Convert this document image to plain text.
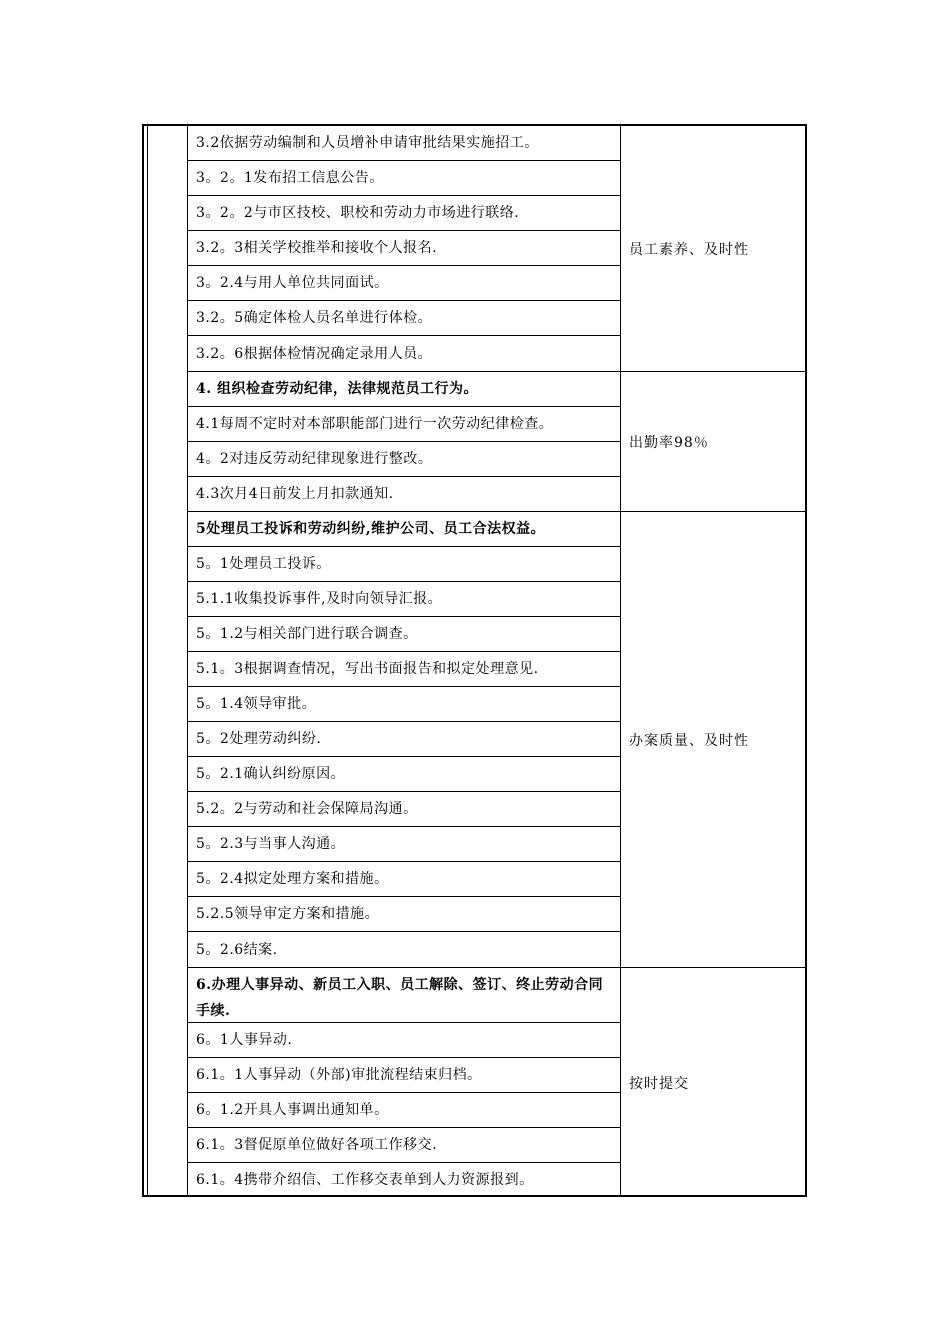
3.2依据劳动编制和人员增补申请审批结果实施招工。
3。2。1发布招工信息公告。
3。2。2与市区技校、职校和劳动力市场进行联络.
3.2。3相关学校推举和接收个人报名.
3。2.4与用人单位共同面试。
3.2。5确定体检人员名单进行体检。
3.2。6根据体检情况确定录用人员。
4. 组织检查劳动纪律，法律规范员工行为。
4.1每周不定时对本部职能部门进行一次劳动纪律检查。
4。2对违反劳动纪律现象进行整改。
4.3次月4日前发上月扣款通知.
5处理员工投诉和劳动纠纷,维护公司、员工合法权益。
5。1处理员工投诉。
5.1.1收集投诉事件,及时向领导汇报。
5。1.2与相关部门进行联合调查。
5.1。3根据调查情况，写出书面报告和拟定处理意见.
5。1.4领导审批。
5。2处理劳动纠纷.
5。2.1确认纠纷原因。
5.2。2与劳动和社会保障局沟通。
5。2.3与当事人沟通。
5。2.4拟定处理方案和措施。
5.2.5领导审定方案和措施。
5。2.6结案.
6.办理人事异动、新员工入职、员工解除、签订、终止劳动合同手续.
6。1人事异动.
6.1。1人事异动（外部)审批流程结束归档。
6。1.2开具人事调出通知单。
6.1。3督促原单位做好各项工作移交.
6.1。4携带介绍信、工作移交表单到人力资源报到。
员工素养、及时性
出勤率98％
办案质量、及时性
按时提交
